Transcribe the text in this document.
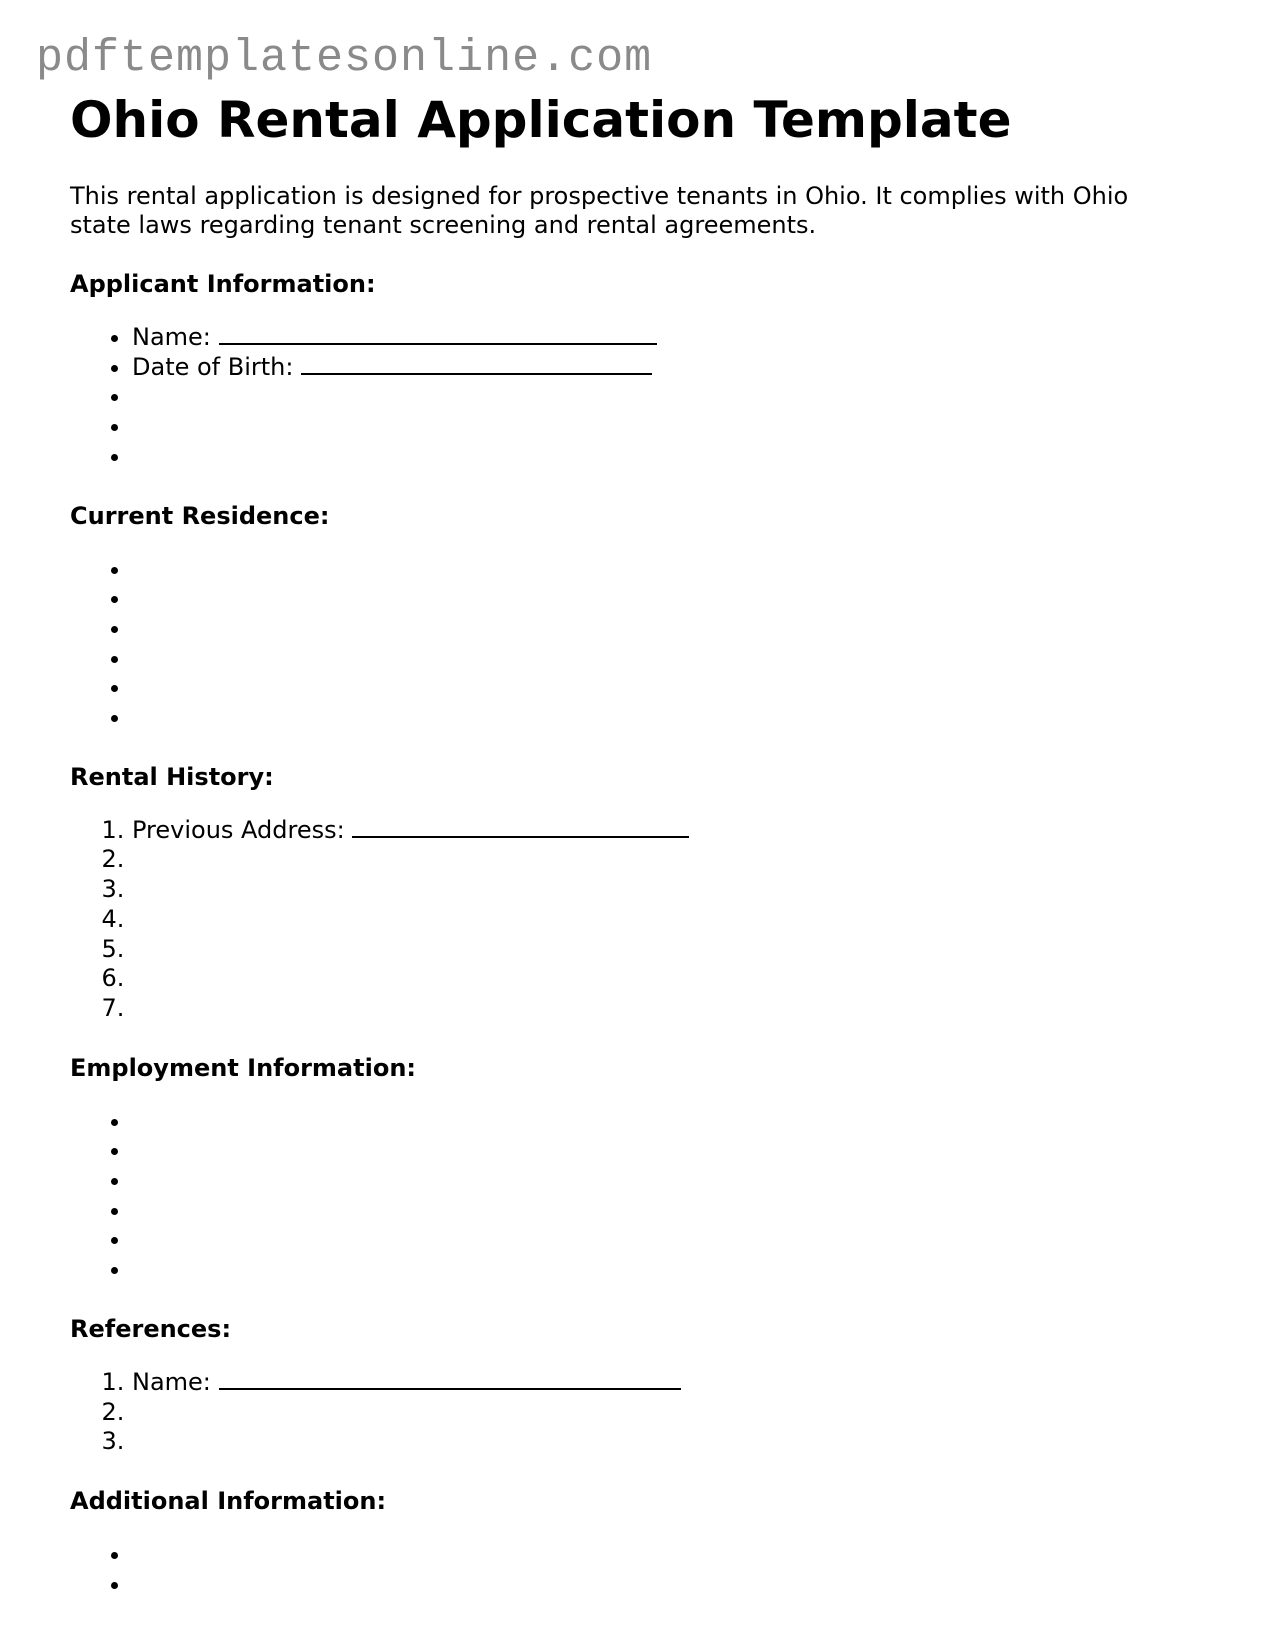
pdftemplatesonline.com
Ohio Rental Application Template

This rental application is designed for prospective tenants in Ohio. It complies with Ohio state laws regarding tenant screening and rental agreements.

Applicant Information:
• Name:
• Date of Birth:
•
•
•
Current Residence:
•
•
•
•
•
•
Rental History:
1. Previous Address:
2.
3.
4.
5.
6.
7.
Employment Information:
•
•
•
•
•
•
References:
1. Name:
2.
3.
Additional Information:
•
•
